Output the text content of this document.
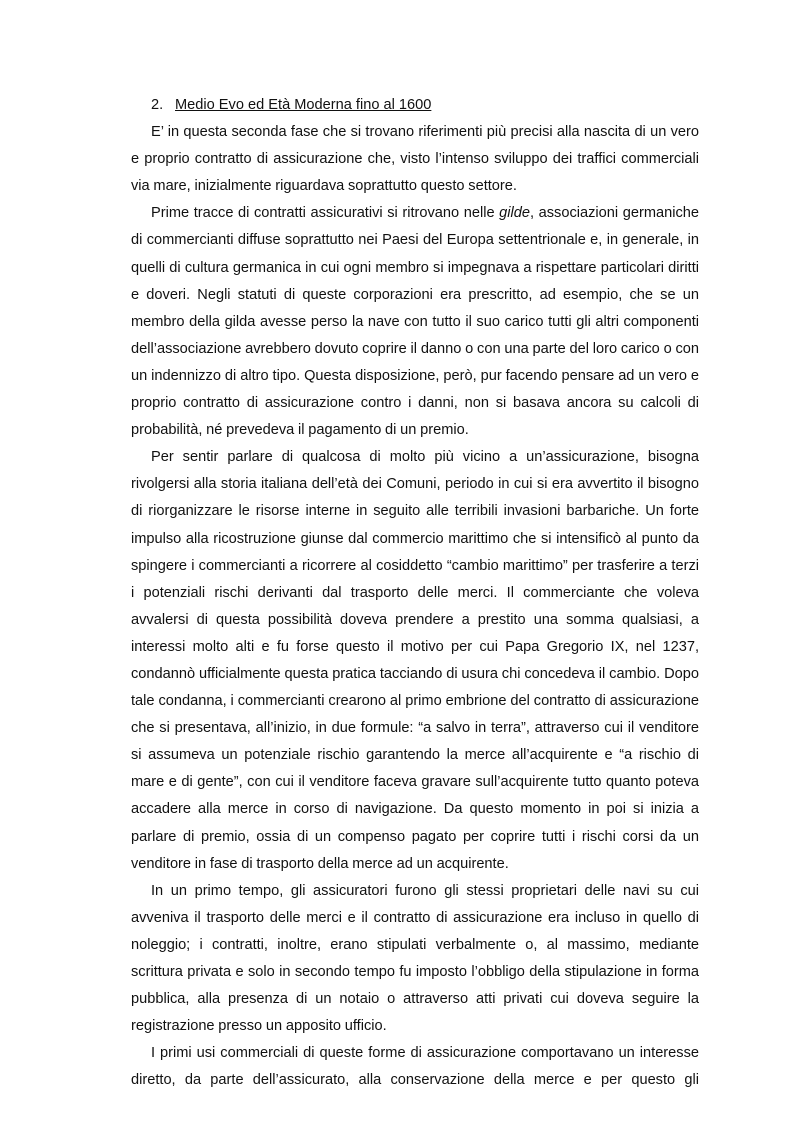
2. Medio Evo ed Età Moderna fino al 1600

E’ in questa seconda fase che si trovano riferimenti più precisi alla nascita di un vero e proprio contratto di assicurazione che, visto l’intenso sviluppo dei traffici commerciali via mare, inizialmente riguardava soprattutto questo settore.

Prime tracce di contratti assicurativi si ritrovano nelle gilde, associazioni germaniche di commercianti diffuse soprattutto nei Paesi del Europa settentrionale e, in generale, in quelli di cultura germanica in cui ogni membro si impegnava a rispettare particolari diritti e doveri. Negli statuti di queste corporazioni era prescritto, ad esempio, che se un membro della gilda avesse perso la nave con tutto il suo carico tutti gli altri componenti dell’associazione avrebbero dovuto coprire il danno o con una parte del loro carico o con un indennizzo di altro tipo. Questa disposizione, però, pur facendo pensare ad un vero e proprio contratto di assicurazione contro i danni, non si basava ancora su calcoli di probabilità, né prevedeva il pagamento di un premio.

Per sentir parlare di qualcosa di molto più vicino a un’assicurazione, bisogna rivolgersi alla storia italiana dell’età dei Comuni, periodo in cui si era avvertito il bisogno di riorganizzare le risorse interne in seguito alle terribili invasioni barbariche. Un forte impulso alla ricostruzione giunse dal commercio marittimo che si intensificò al punto da spingere i commercianti a ricorrere al cosiddetto “cambio marittimo” per trasferire a terzi i potenziali rischi derivanti dal trasporto delle merci. Il commerciante che voleva avvalersi di questa possibilità doveva prendere a prestito una somma qualsiasi, a interessi molto alti e fu forse questo il motivo per cui Papa Gregorio IX, nel 1237, condannò ufficialmente questa pratica tacciando di usura chi concedeva il cambio. Dopo tale condanna, i commercianti crearono al primo embrione del contratto di assicurazione che si presentava, all’inizio, in due formule: “a salvo in terra”, attraverso cui il venditore si assumeva un potenziale rischio garantendo la merce all’acquirente e “a rischio di mare e di gente”, con cui il venditore faceva gravare sull’acquirente tutto quanto poteva accadere alla merce in corso di navigazione. Da questo momento in poi si inizia a parlare di premio, ossia di un compenso pagato per coprire tutti i rischi corsi da un venditore in fase di trasporto della merce ad un acquirente.

In un primo tempo, gli assicuratori furono gli stessi proprietari delle navi su cui avveniva il trasporto delle merci e il contratto di assicurazione era incluso in quello di noleggio; i contratti, inoltre, erano stipulati verbalmente o, al massimo, mediante scrittura privata e solo in secondo tempo fu imposto l’obbligo della stipulazione in forma pubblica, alla presenza di un notaio o attraverso atti privati cui doveva seguire la registrazione presso un apposito ufficio.

I primi usi commerciali di queste forme di assicurazione comportavano un interesse diretto, da parte dell’assicurato, alla conservazione della merce e per questo gli
